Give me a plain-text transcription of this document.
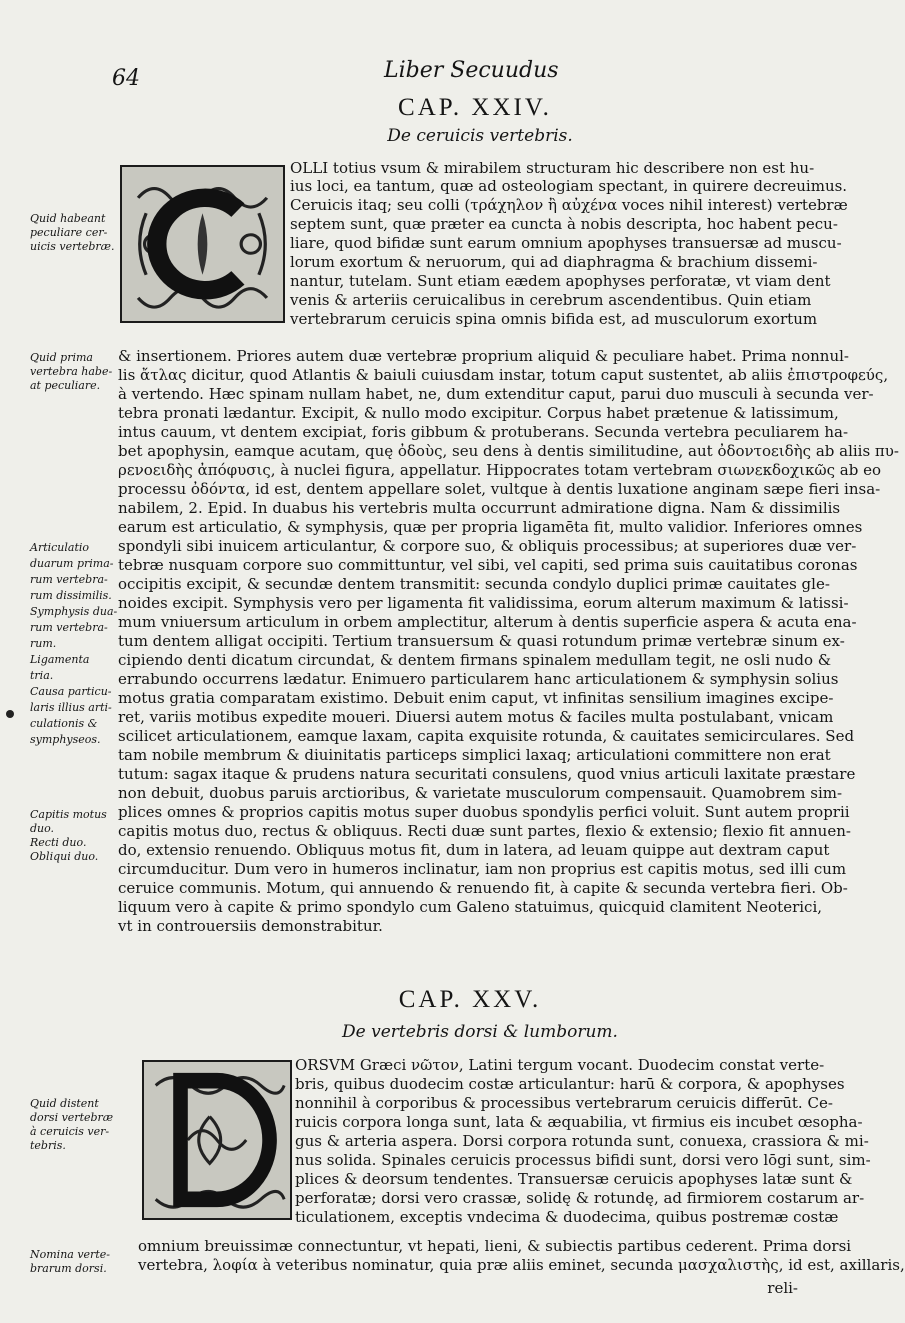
64	Liber Secuudus
CAP. XXIV.
De ceruicis vertebris.
OLLI totius vsum & mirabilem structuram hic describere non est hu-
ius loci, ea tantum, quæ ad osteologiam spectant, in quirere decreuimus.
Ceruicis itaq; seu colli (τράχηλον ἢ αὐχένα voces nihil interest) vertebræ
septem sunt, quæ præter ea cuncta à nobis descripta, hoc habent pecu-
liare, quod bifidæ sunt earum omnium apophyses transuersæ ad muscu-
lorum exortum & neruorum, qui ad diaphragma & brachium dissemi-
nantur, tutelam. Sunt etiam eædem apophyses perforatæ, vt viam dent
venis & arteriis ceruicalibus in cerebrum ascendentibus. Quin etiam
vertebrarum ceruicis spina omnis bifida est, ad musculorum exortum
& insertionem. Priores autem duæ vertebræ proprium aliquid & peculiare habet. Prima nonnul-
lis ἄτλας dicitur, quod Atlantis & baiuli cuiusdam instar, totum caput sustentet, ab aliis ἐπιστροφεύς,
à vertendo. Hæc spinam nullam habet, ne, dum extenditur caput, parui duo musculi à secunda ver-
tebra pronati lædantur. Excipit, & nullo modo excipitur. Corpus habet prætenue & latissimum,
intus cauum, vt dentem excipiat, foris gibbum & protuberans. Secunda vertebra peculiarem ha-
bet apophysin, eamque acutam, quę ὀδοὺς, seu dens à dentis similitudine, aut ὀδοντοειδὴς ab aliis πυ-
ρενοειδὴς ἀπόφυσις, à nuclei figura, appellatur. Hippocrates totam vertebram σιωνεκδοχικῶς ab eo
processu ὀδόντα, id est, dentem appellare solet, vultque à dentis luxatione anginam sæpe fieri insa-
nabilem, 2. Epid. In duabus his vertebris multa occurrunt admiratione digna. Nam & dissimilis
earum est articulatio, & symphysis, quæ per propria ligamēta fit, multo validior. Inferiores omnes
spondyli sibi inuicem articulantur, & corpore suo, & obliquis processibus; at superiores duæ ver-
tebræ nusquam corpore suo committuntur, vel sibi, vel capiti, sed prima suis cauitatibus coronas
occipitis excipit, & secundæ dentem transmitit: secunda condylo duplici primæ cauitates gle-
noides excipit. Symphysis vero per ligamenta fit validissima, eorum alterum maximum & latissi-
mum vniuersum articulum in orbem amplectitur, alterum à dentis superficie aspera & acuta ena-
tum dentem alligat occipiti. Tertium transuersum & quasi rotundum primæ vertebræ sinum ex-
cipiendo denti dicatum circundat, & dentem firmans spinalem medullam tegit, ne osli nudo &
errabundo occurrens lædatur. Enimuero particularem hanc articulationem & symphysin solius
motus gratia comparatam existimo. Debuit enim caput, vt infinitas sensilium imagines excipe-
ret, variis motibus expedite moueri. Diuersi autem motus & faciles multa postulabant, vnicam
scilicet articulationem, eamque laxam, capita exquisite rotunda, & cauitates semicirculares. Sed
tam nobile membrum & diuinitatis particeps simplici laxaq; articulationi committere non erat
tutum: sagax itaque & prudens natura securitati consulens, quod vnius articuli laxitate præstare
non debuit, duobus paruis arctioribus, & varietate musculorum compensauit. Quamobrem sim-
plices omnes & proprios capitis motus super duobus spondylis perfici voluit. Sunt autem proprii
capitis motus duo, rectus & obliquus. Recti duæ sunt partes, flexio & extensio; flexio fit annuen-
do, extensio renuendo. Obliquus motus fit, dum in latera, ad leuam quippe aut dextram caput
circumducitur. Dum vero in humeros inclinatur, iam non proprius est capitis motus, sed illi cum
ceruice communis. Motum, qui annuendo & renuendo fit, à capite & secunda vertebra fieri. Ob-
liquum vero à capite & primo spondylo cum Galeno statuimus, quicquid clamitent Neoterici,
vt in controuersiis demonstrabitur.
CAP. XXV.
De vertebris dorsi & lumborum.
ORSVM Græci νῶτον, Latini tergum vocant. Duodecim constat verte-
bris, quibus duodecim costæ articulantur: harū & corpora, & apophyses
nonnihil à corporibus & processibus vertebrarum ceruicis differūt. Ce-
ruicis corpora longa sunt, lata & æquabilia, vt firmius eis incubet œsopha-
gus & arteria aspera. Dorsi corpora rotunda sunt, conuexa, crassiora & mi-
nus solida. Spinales ceruicis processus bifidi sunt, dorsi vero lōgi sunt, sim-
plices & deorsum tendentes. Transuersæ ceruicis apophyses latæ sunt &
perforatæ; dorsi vero crassæ, solidę & rotundę, ad firmiorem costarum ar-
ticulationem, exceptis vndecima & duodecima, quibus postremæ costæ
omnium breuissimæ connectuntur, vt hepati, lieni, & subiectis partibus cederent. Prima dorsi
vertebra, λοφία à veteribus nominatur, quia præ aliis eminet, secunda μασχαλιστὴς, id est, axillaris,
reli-
Quid habeant
peculiare cer-
uicis vertebræ.
Quid prima
vertebra habe-
at peculiare.
Articulatio
duarum prima-
rum vertebra-
rum dissimilis.
Symphysis dua-
rum vertebra-
rum.
Ligamenta
tria.
Causa particu-
laris illius arti-
culationis &
symphyseos.
Capitis motus
duo.
Recti duo.
Obliqui duo.
Quid distent
dorsi vertebræ
à ceruicis ver-
tebris.
Nomina verte-
brarum dorsi.
